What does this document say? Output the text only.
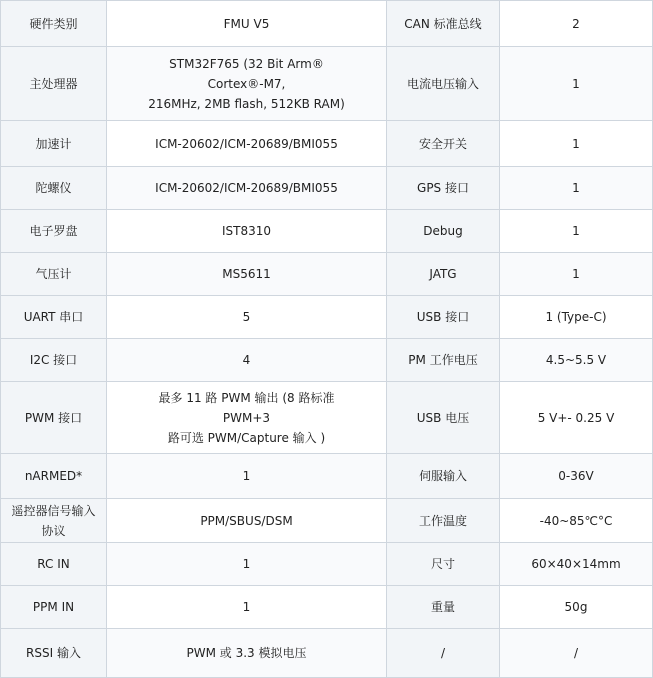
硬件类别	FMU V5	CAN 标准总线	2
主处理器	STM32F765 (32 Bit Arm®
Cortex®-M7,
216MHz, 2MB flash, 512KB RAM)	电流电压输入	1
加速计	ICM-20602/ICM-20689/BMI055	安全开关	1
陀螺仪	ICM-20602/ICM-20689/BMI055	GPS 接口	1
电子罗盘	IST8310	Debug	1
气压计	MS5611	JATG	1
UART 串口	5	USB 接口	1 (Type-C)
I2C 接口	4	PM 工作电压	4.5~5.5 V
PWM 接口	最多 11 路 PWM 输出 (8 路标准
PWM+3
路可选 PWM/Capture 输入 )	USB 电压	5 V+- 0.25 V
nARMED*	1	伺服输入	0-36V
遥控器信号输入协议	PPM/SBUS/DSM	工作温度	-40~85℃°C
RC IN	1	尺寸	60×40×14mm
PPM IN	1	重量	50g
RSSI 输入	PWM 或 3.3 模拟电压	/	/
